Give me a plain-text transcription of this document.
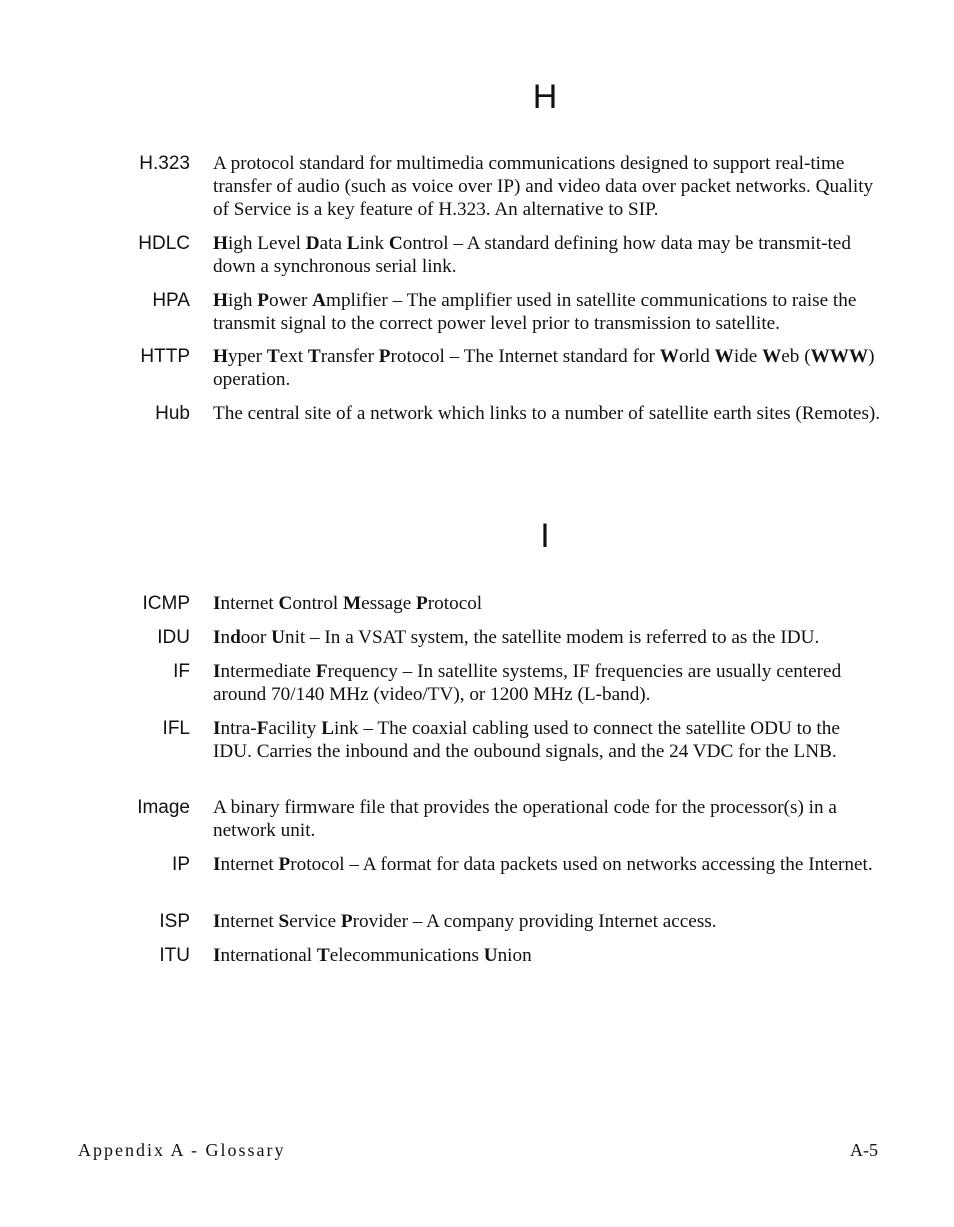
H
H.323 A protocol standard for multimedia communications designed to support real-time transfer of audio (such as voice over IP) and video data over packet networks. Quality of Service is a key feature of H.323. An alternative to SIP.
HDLC High Level Data Link Control – A standard defining how data may be transmit-ted down a synchronous serial link.
HPA High Power Amplifier – The amplifier used in satellite communications to raise the transmit signal to the correct power level prior to transmission to satellite.
HTTP Hyper Text Transfer Protocol – The Internet standard for World Wide Web (WWW) operation.
Hub The central site of a network which links to a number of satellite earth sites (Remotes).
I
ICMP Internet Control Message Protocol
IDU Indoor Unit – In a VSAT system, the satellite modem is referred to as the IDU.
IF Intermediate Frequency – In satellite systems, IF frequencies are usually centered around 70/140 MHz (video/TV), or 1200 MHz (L-band).
IFL Intra-Facility Link – The coaxial cabling used to connect the satellite ODU to the IDU. Carries the inbound and the oubound signals, and the 24 VDC for the LNB.
Image A binary firmware file that provides the operational code for the processor(s) in a network unit.
IP Internet Protocol – A format for data packets used on networks accessing the Internet.
ISP Internet Service Provider – A company providing Internet access.
ITU International Telecommunications Union
Appendix A - Glossary	A-5
